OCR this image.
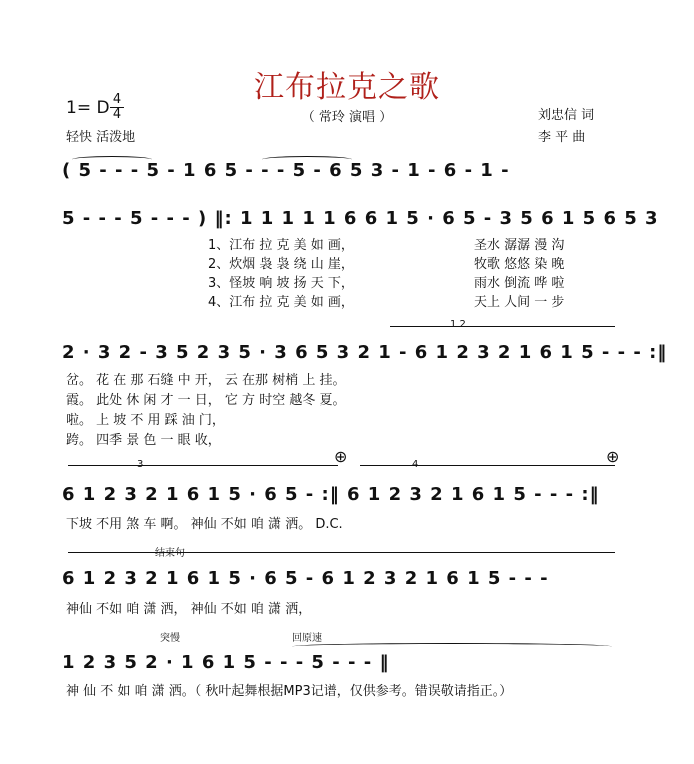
江布拉克之歌
（ 常玲 演唱 ）
1= D $\frac{4}{4}$
轻快 活泼地
刘忠信 词
李 平 曲
( 5 - - - 5 - 1 6 5 - - - 5 - 6 5 3 - 1 - 6 - 1 -
5 - - - 5 - - - ) ‖: 1 1 1 1 1 6 6 1 5 · 6 5 - 3 5 6 1 5 6 5 3
1、江布 拉 克 美 如 画，
2、炊烟 袅 袅 绕 山 崖，
3、怪坡 响 坡 扬 天 下，
4、江布 拉 克 美 如 画，
圣水 潺潺 漫 沟
牧歌 悠悠 染 晚
雨水 倒流 哗 啦
天上 人间 一 步
1 2
2 · 3 2 - 3 5 2 3 5 · 3 6 5 3 2 1 - 6 1 2 3 2 1 6 1 5 - - - :‖
岔。 花 在 那 石缝 中 开， 云 在那 树梢 上 挂。
霞。 此处 休 闲 才 一 日， 它 方 时空 越冬 夏。
啦。 上 坡 不 用 踩 油 门，
跨。 四季 景 色 一 眼 收，
3	⊕	4	⊕
6 1 2 3 2 1 6 1 5 · 6 5 - :‖ 6 1 2 3 2 1 6 1 5 - - - :‖
下坡 不用 煞 车 啊。 神仙 不如 咱 潇 洒。 D.C.
结束句
6 1 2 3 2 1 6 1 5 · 6 5 - 6 1 2 3 2 1 6 1 5 - - -
神仙 不如 咱 潇 洒， 神仙 不如 咱 潇 洒，
突慢	回原速
1 2 3 5 2 · 1 6 1 5 - - - 5 - - - ‖
神 仙 不 如 咱 潇 洒。（ 秋叶起舞根据MP3记谱，仅供参考。错误敬请指正。）
